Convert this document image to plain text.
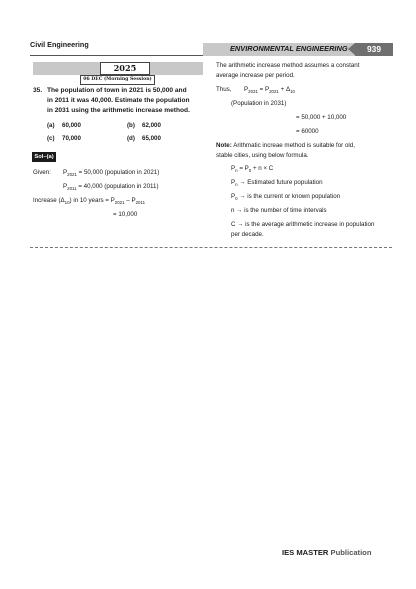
Civil Engineering	ENVIRONMENTAL ENGINEERING	939
2025
06 DEC (Morning Session)
35. The population of town in 2021 is 50,000 and
in 2011 it was 40,000. Estimate the population
in 2031 using the arithmetic increase method.
(a) 60,000	(b) 62,000
(c) 70,000	(d) 65,000
Sol–(a)
Given: $P_{2021} = 50,000$ (population in 2021)
$P_{2011} = 40,000$ (population in 2011)
Increase $(\Delta_{10})$ in 10 years = $P_{2021} - P_{2011}$
= 10,000
The arithmetic increase method assumes a constant
average increase per period.
Thus, $P_{2031} = P_{2021} + \Delta_{10}$
(Population in 2031)
= 50,000 + 10,000
= 60000
Note: Arithmatic increae method is suitable for old,
stable cities, using below formula.
$P_n = P_0 + n \times C$
$P_n$ → Estimated future population
$P_0$ → is the current or known population
n → is the number of time intervals
C → is the average arithmetic increase in population
per decade.
IES MASTER Publication
